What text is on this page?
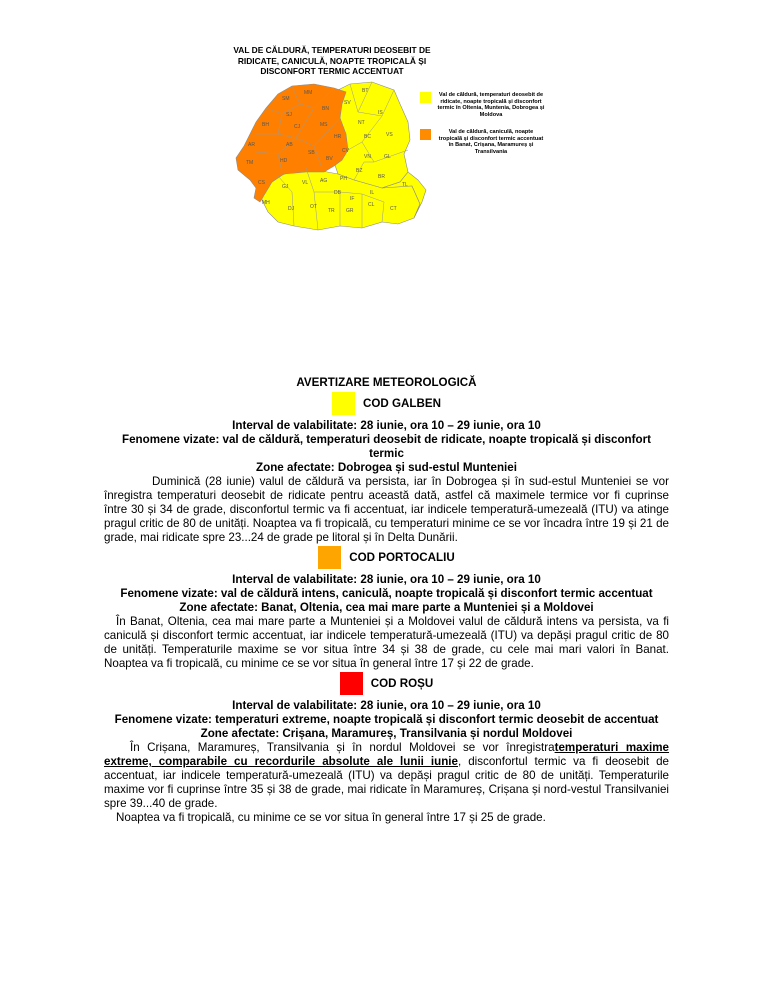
VAL DE CĂLDURĂ, TEMPERATURI DEOSEBIT DE
RIDICATE, CANICULĂ, NOAPTE TROPICALĂ ȘI
DISCONFORT TERMIC ACCENTUAT
SM
MM
BN
SJ
BH	CJ	MS
HR
AR	AB
SB	CV
BV
TM	HD
CS
MH
BT
SV
NT
IS
BC	VS
VN	GL
BZ
BR
TL
GJ
VL AG
DB
PH
IL
CT
DJ	OT
TR GR
CL
IF
Val de căldură, temperaturi deosebit de
ridicate, noapte tropicală și disconfort
termic în Oltenia, Muntenia, Dobrogea și
Moldova
Val de căldură, caniculă, noapte
tropicală și disconfort termic accentuat
în Banat, Crișana, Maramureș și
Transilvania
AVERTIZARE METEOROLOGICĂ
COD GALBEN
Interval de valabilitate: 28 iunie, ora 10 – 29 iunie, ora 10
Fenomene vizate: val de căldură, temperaturi deosebit de ridicate, noapte tropicală și disconfort termic
Zone afectate: Dobrogea și sud-estul Munteniei
Duminică (28 iunie) valul de căldură va persista, iar în Dobrogea și în sud-estul Munteniei se vor înregistra temperaturi deosebit de ridicate pentru această dată, astfel că maximele termice vor fi cuprinse între 30 și 34 de grade, disconfortul termic va fi accentuat, iar indicele temperatură-umezeală (ITU) va atinge pragul critic de 80 de unități. Noaptea va fi tropicală, cu temperaturi minime ce se vor încadra între 19 și 21 de grade, mai ridicate spre 23...24 de grade pe litoral și în Delta Dunării.
COD PORTOCALIU
Interval de valabilitate: 28 iunie, ora 10 – 29 iunie, ora 10
Fenomene vizate: val de căldură intens, caniculă, noapte tropicală și disconfort termic accentuat
Zone afectate: Banat, Oltenia, cea mai mare parte a Munteniei și a Moldovei
În Banat, Oltenia, cea mai mare parte a Munteniei și a Moldovei valul de căldură intens va persista, va fi caniculă și disconfort termic accentuat, iar indicele temperatură-umezeală (ITU) va depăși pragul critic de 80 de unități. Temperaturile maxime se vor situa între 34 și 38 de grade, cu cele mai mari valori în Banat. Noaptea va fi tropicală, cu minime ce se vor situa în general între 17 și 22 de grade.
COD ROȘU
Interval de valabilitate: 28 iunie, ora 10 – 29 iunie, ora 10
Fenomene vizate: temperaturi extreme, noapte tropicală și disconfort termic deosebit de accentuat
Zone afectate: Crișana, Maramureș, Transilvania și nordul Moldovei
În Crișana, Maramureș, Transilvania și în nordul Moldovei se vor înregistratemperaturi maxime extreme, comparabile cu recordurile absolute ale lunii iunie, disconfortul termic va fi deosebit de accentuat, iar indicele temperatură-umezeală (ITU) va depăși pragul critic de 80 de unități. Temperaturile maxime vor fi cuprinse între 35 și 38 de grade, mai ridicate în Maramureș, Crișana și nord-vestul Transilvaniei spre 39...40 de grade.
Noaptea va fi tropicală, cu minime ce se vor situa în general între 17 și 25 de grade.
